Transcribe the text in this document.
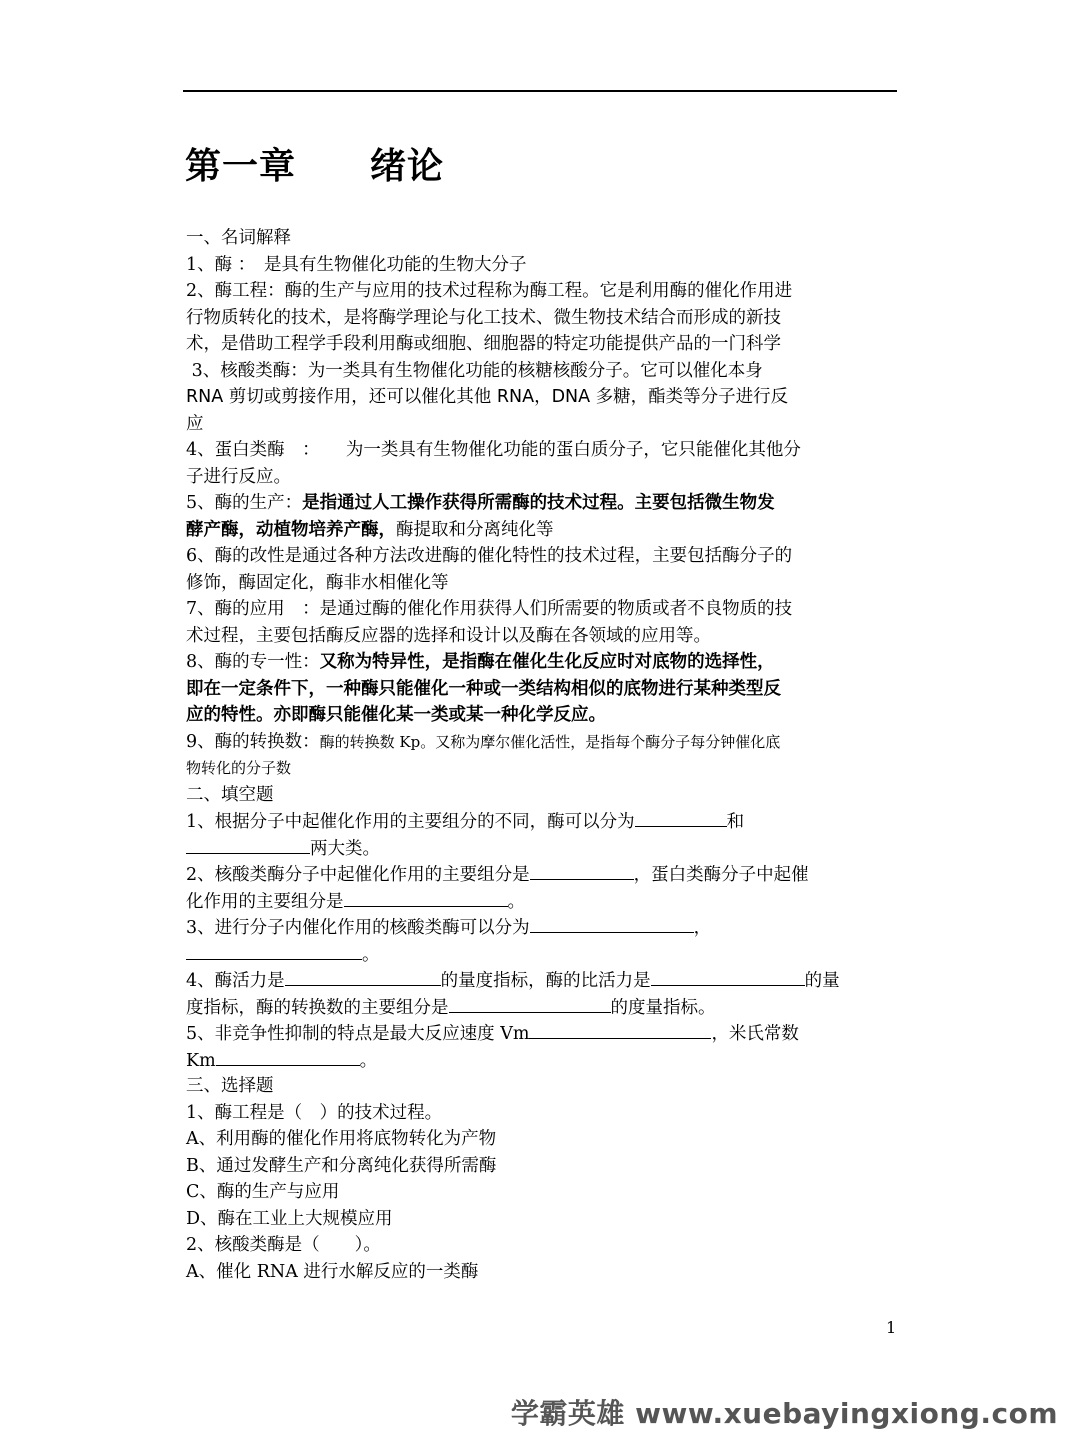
第一章　　绪论
一、名词解释
1、酶 ：　是具有生物催化功能的生物大分子
2、酶工程：酶的生产与应用的技术过程称为酶工程。它是利用酶的催化作用进
行物质转化的技术，是将酶学理论与化工技术、微生物技术结合而形成的新技
术，是借助工程学手段利用酶或细胞、细胞器的特定功能提供产品的一门科学
3、核酸类酶：为一类具有生物催化功能的核糖核酸分子。它可以催化本身
RNA 剪切或剪接作用，还可以催化其他 RNA，DNA 多糖，酯类等分子进行反
应
4、蛋白类酶　：　　为一类具有生物催化功能的蛋白质分子，它只能催化其他分
子进行反应。
5、酶的生产：是指通过人工操作获得所需酶的技术过程。主要包括微生物发
酵产酶，动植物培养产酶，酶提取和分离纯化等
6、酶的改性是通过各种方法改进酶的催化特性的技术过程，主要包括酶分子的
修饰，酶固定化，酶非水相催化等
7、酶的应用　：是通过酶的催化作用获得人们所需要的物质或者不良物质的技
术过程，主要包括酶反应器的选择和设计以及酶在各领域的应用等。
8、酶的专一性：又称为特异性，是指酶在催化生化反应时对底物的选择性，
即在一定条件下，一种酶只能催化一种或一类结构相似的底物进行某种类型反
应的特性。亦即酶只能催化某一类或某一种化学反应。
9、酶的转换数：酶的转换数 Kp。又称为摩尔催化活性，是指每个酶分子每分钟催化底
物转化的分子数
二、填空题
1、根据分子中起催化作用的主要组分的不同，酶可以分为	和
两大类。
2、核酸类酶分子中起催化作用的主要组分是	，蛋白类酶分子中起催
化作用的主要组分是	。
3、进行分子内催化作用的核酸类酶可以分为	，
。
4、酶活力是	的量度指标，酶的比活力是	的量
度指标，酶的转换数的主要组分是	的度量指标。
5、非竞争性抑制的特点是最大反应速度 Vm	，米氏常数
Km	。
三、选择题
1、酶工程是（　）的技术过程。
A、利用酶的催化作用将底物转化为产物
B、通过发酵生产和分离纯化获得所需酶
C、酶的生产与应用
D、酶在工业上大规模应用
2、核酸类酶是（　　）。
A、催化 RNA 进行水解反应的一类酶
1
学霸英雄 www.xuebayingxiong.com
